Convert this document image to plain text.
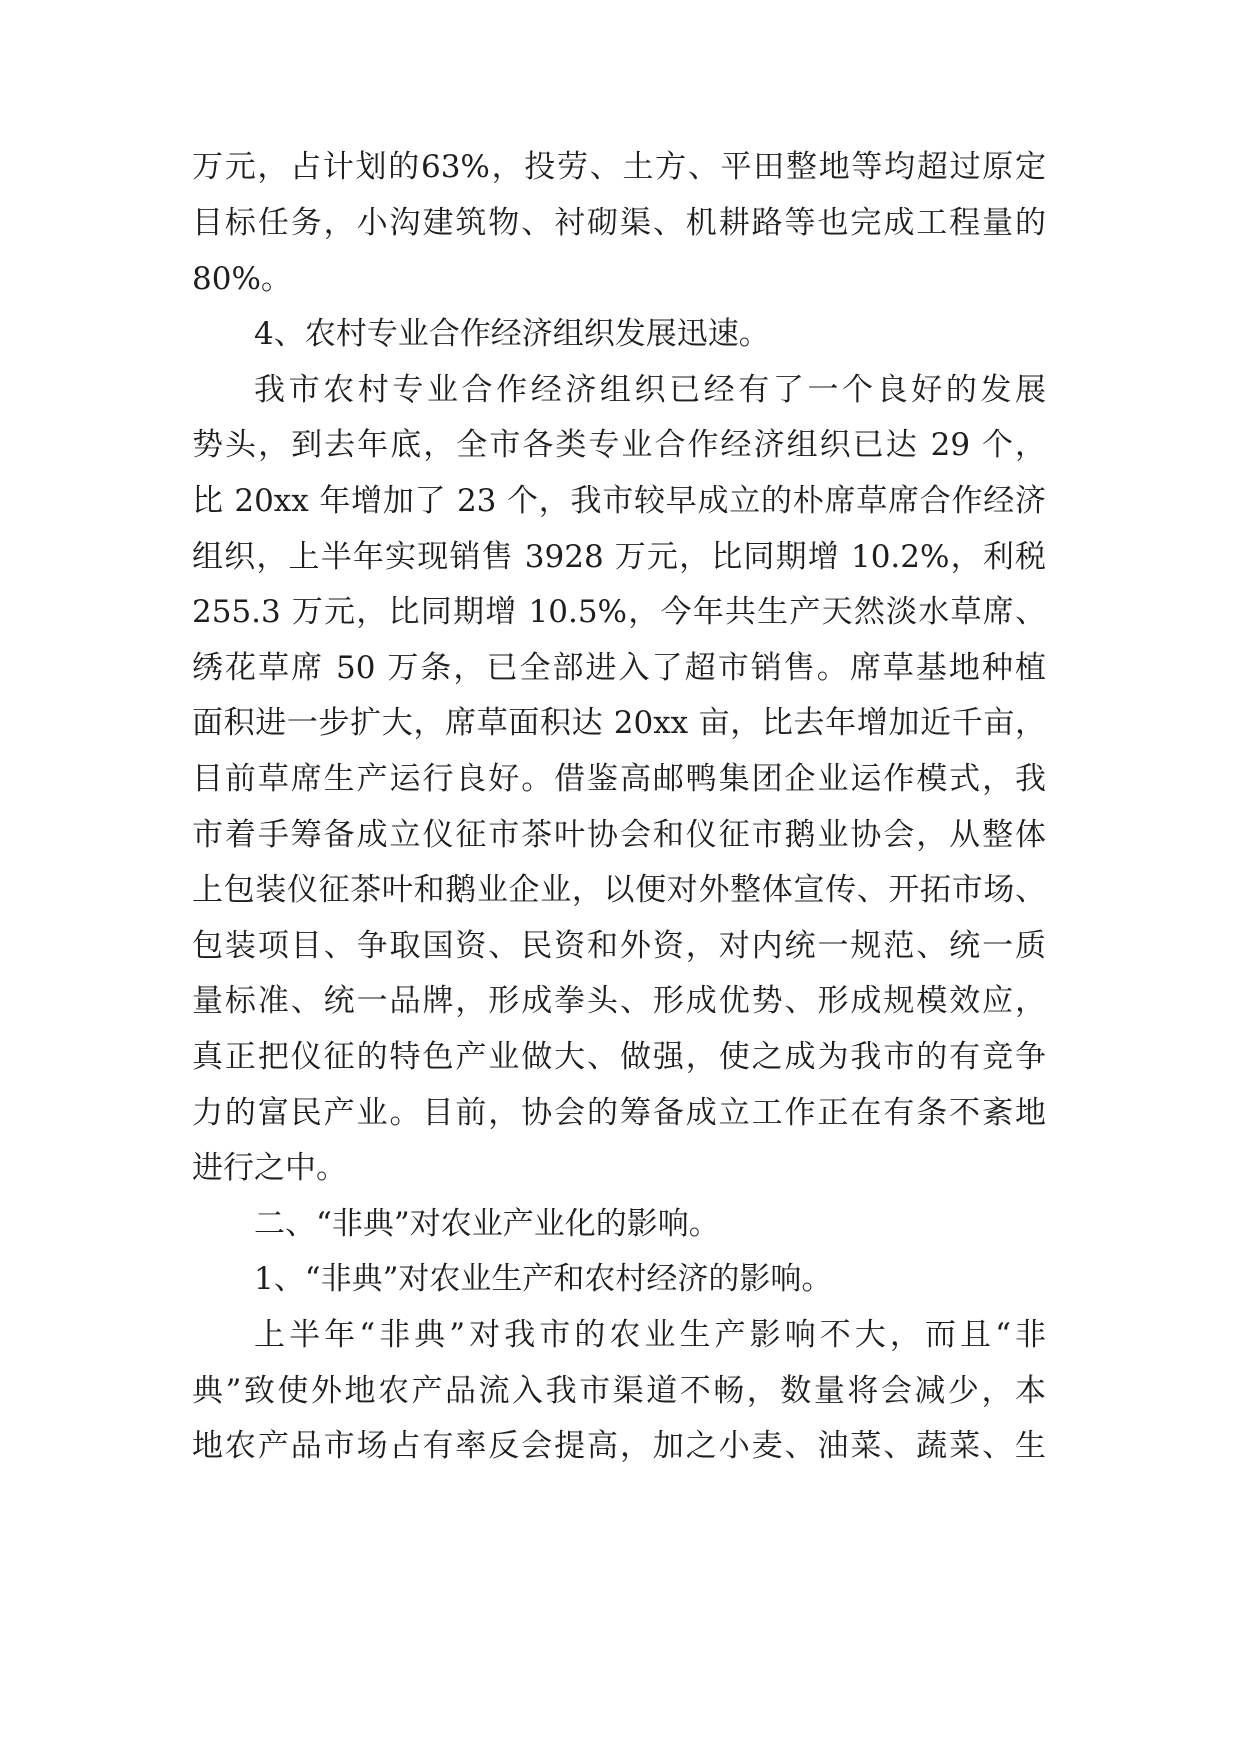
万元，占计划的63%，投劳、土方、平田整地等均超过原定
目标任务，小沟建筑物、衬砌渠、机耕路等也完成工程量的
80%。
4、农村专业合作经济组织发展迅速。
我市农村专业合作经济组织已经有了一个良好的发展
势头，到去年底，全市各类专业合作经济组织已达 29 个，
比 20xx 年增加了 23 个，我市较早成立的朴席草席合作经济
组织，上半年实现销售 3928 万元，比同期增 10.2%，利税
255.3 万元，比同期增 10.5%，今年共生产天然淡水草席、
绣花草席 50 万条，已全部进入了超市销售。席草基地种植
面积进一步扩大，席草面积达 20xx 亩，比去年增加近千亩，
目前草席生产运行良好。借鉴高邮鸭集团企业运作模式，我
市着手筹备成立仪征市茶叶协会和仪征市鹅业协会，从整体
上包装仪征茶叶和鹅业企业，以便对外整体宣传、开拓市场、
包装项目、争取国资、民资和外资，对内统一规范、统一质
量标准、统一品牌，形成拳头、形成优势、形成规模效应，
真正把仪征的特色产业做大、做强，使之成为我市的有竞争
力的富民产业。目前，协会的筹备成立工作正在有条不紊地
进行之中。
二、“非典”对农业产业化的影响。
1、“非典”对农业生产和农村经济的影响。
上半年“非典”对我市的农业生产影响不大，而且“非
典”致使外地农产品流入我市渠道不畅，数量将会减少，本
地农产品市场占有率反会提高，加之小麦、油菜、蔬菜、生
